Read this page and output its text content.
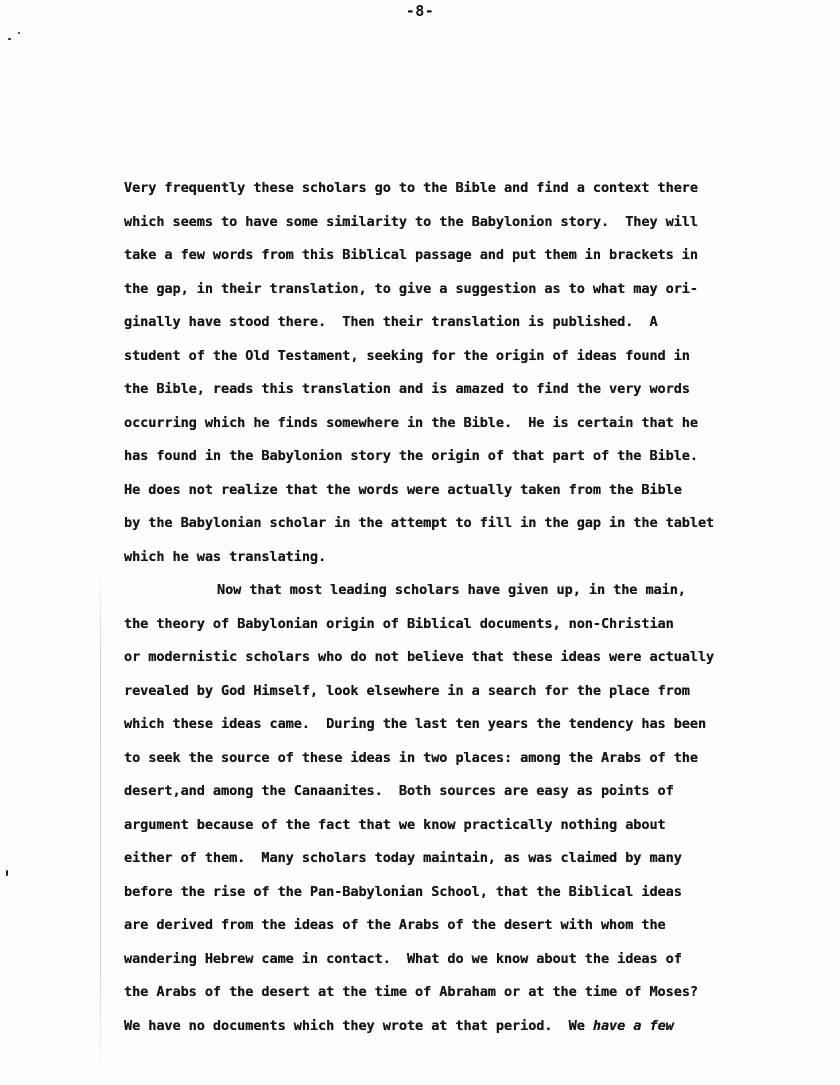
-8-
Very frequently these scholars go to the Bible and find a context there
which seems to have some similarity to the Babylonion story.  They will
take a few words from this Biblical passage and put them in brackets in
the gap, in their translation, to give a suggestion as to what may ori-
ginally have stood there.  Then their translation is published.  A
student of the Old Testament, seeking for the origin of ideas found in
the Bible, reads this translation and is amazed to find the very words
occurring which he finds somewhere in the Bible.  He is certain that he
has found in the Babylonion story the origin of that part of the Bible.
He does not realize that the words were actually taken from the Bible
by the Babylonian scholar in the attempt to fill in the gap in the tablet
which he was translating.
Now that most leading scholars have given up, in the main,
the theory of Babylonian origin of Biblical documents, non-Christian
or modernistic scholars who do not believe that these ideas were actually
revealed by God Himself, look elsewhere in a search for the place from
which these ideas came.  During the last ten years the tendency has been
to seek the source of these ideas in two places: among the Arabs of the
desert,and among the Canaanites.  Both sources are easy as points of
argument because of the fact that we know practically nothing about
either of them.  Many scholars today maintain, as was claimed by many
before the rise of the Pan-Babylonian School, that the Biblical ideas
are derived from the ideas of the Arabs of the desert with whom the
wandering Hebrew came in contact.  What do we know about the ideas of
the Arabs of the desert at the time of Abraham or at the time of Moses?
We have no documents which they wrote at that period.  We have a few
